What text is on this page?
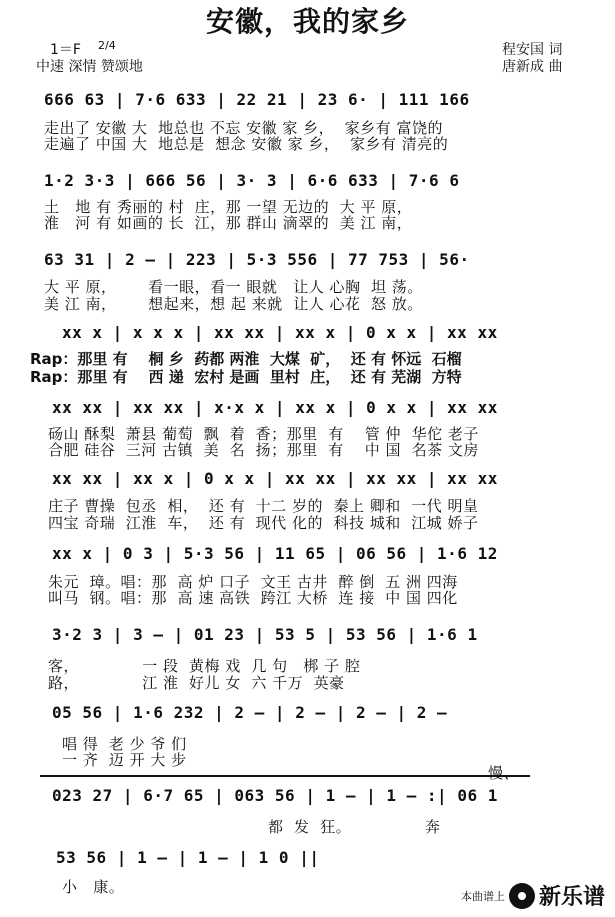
安徽，我的家乡
1＝F 2/4
中速 深情 赞颂地
程安国 词
唐新成 曲
666 63 | 7·6 633 | 22 21 | 23 6· | 111 166
走出了 安徽 大  地总也 不忘 安徽 家 乡，  家乡有 富饶的
走遍了 中国 大  地总是  想念 安徽 家 乡，  家乡有 清亮的
1·2 3·3 | 666 56 | 3· 3 | 6·6 633 | 7·6 6
土   地 有 秀丽的 村  庄，那 一望 无边的  大 平 原，
淮   河 有 如画的 长  江，那 群山 滴翠的  美 江 南，
63 31 | 2 – | 223 | 5·3 556 | 77 753 | 56·
大 平 原，      看一眼，看一 眼就   让人 心胸  坦 荡。
美 江 南，      想起来，想 起 来就  让人 心花  怒 放。
xx x | x x x | xx xx | xx x | 0 x x | xx xx
Rap：那里 有    桐 乡  药都 两淮  大煤  矿，  还 有 怀远  石榴
Rap：那里 有    西 递  宏村 是画  里村  庄，  还 有 芜湖  方特
xx xx | xx xx | x·x x | xx x | 0 x x | xx xx
砀山 酥梨  萧县 葡萄  飘  着  香；那里  有    管 仲  华佗 老子
合肥 硅谷  三河 古镇  美  名  扬；那里  有    中 国  名茶 文房
xx xx | xx x | 0 x x | xx xx | xx xx | xx xx
庄子 曹操  包丞  相，  还 有  十二 岁的  秦上 卿和  一代 明皇
四宝 奇瑞  江淮  车，  还 有  现代 化的  科技 城和  江城 娇子
xx x | 0 3 | 5·3 56 | 11 65 | 06 56 | 1·6 12
朱元  璋。唱：那  高 炉 口子  文王 古井  醉 倒  五 洲 四海
叫马  钢。唱：那  高 速 高铁  跨江 大桥  连 接  中 国 四化
3·2 3 | 3 – | 01 23 | 53 5 | 53 56 | 1·6 1
客，            一 段  黄梅 戏  几 句   梆 子 腔
路，            江 淮  好儿 女  六 千万  英豪
05 56 | 1·6 232 | 2 – | 2 – | 2 – | 2 –
唱 得  老 少 爷 们
一 齐  迈 开 大 步
慢、
023 27 | 6·7 65 | 063 56 | 1 – | 1 – :| 06 1
都  发  狂。              奔
53 56 | 1 – | 1 – | 1 0 ||
小   康。	本曲谱上 新乐谱
